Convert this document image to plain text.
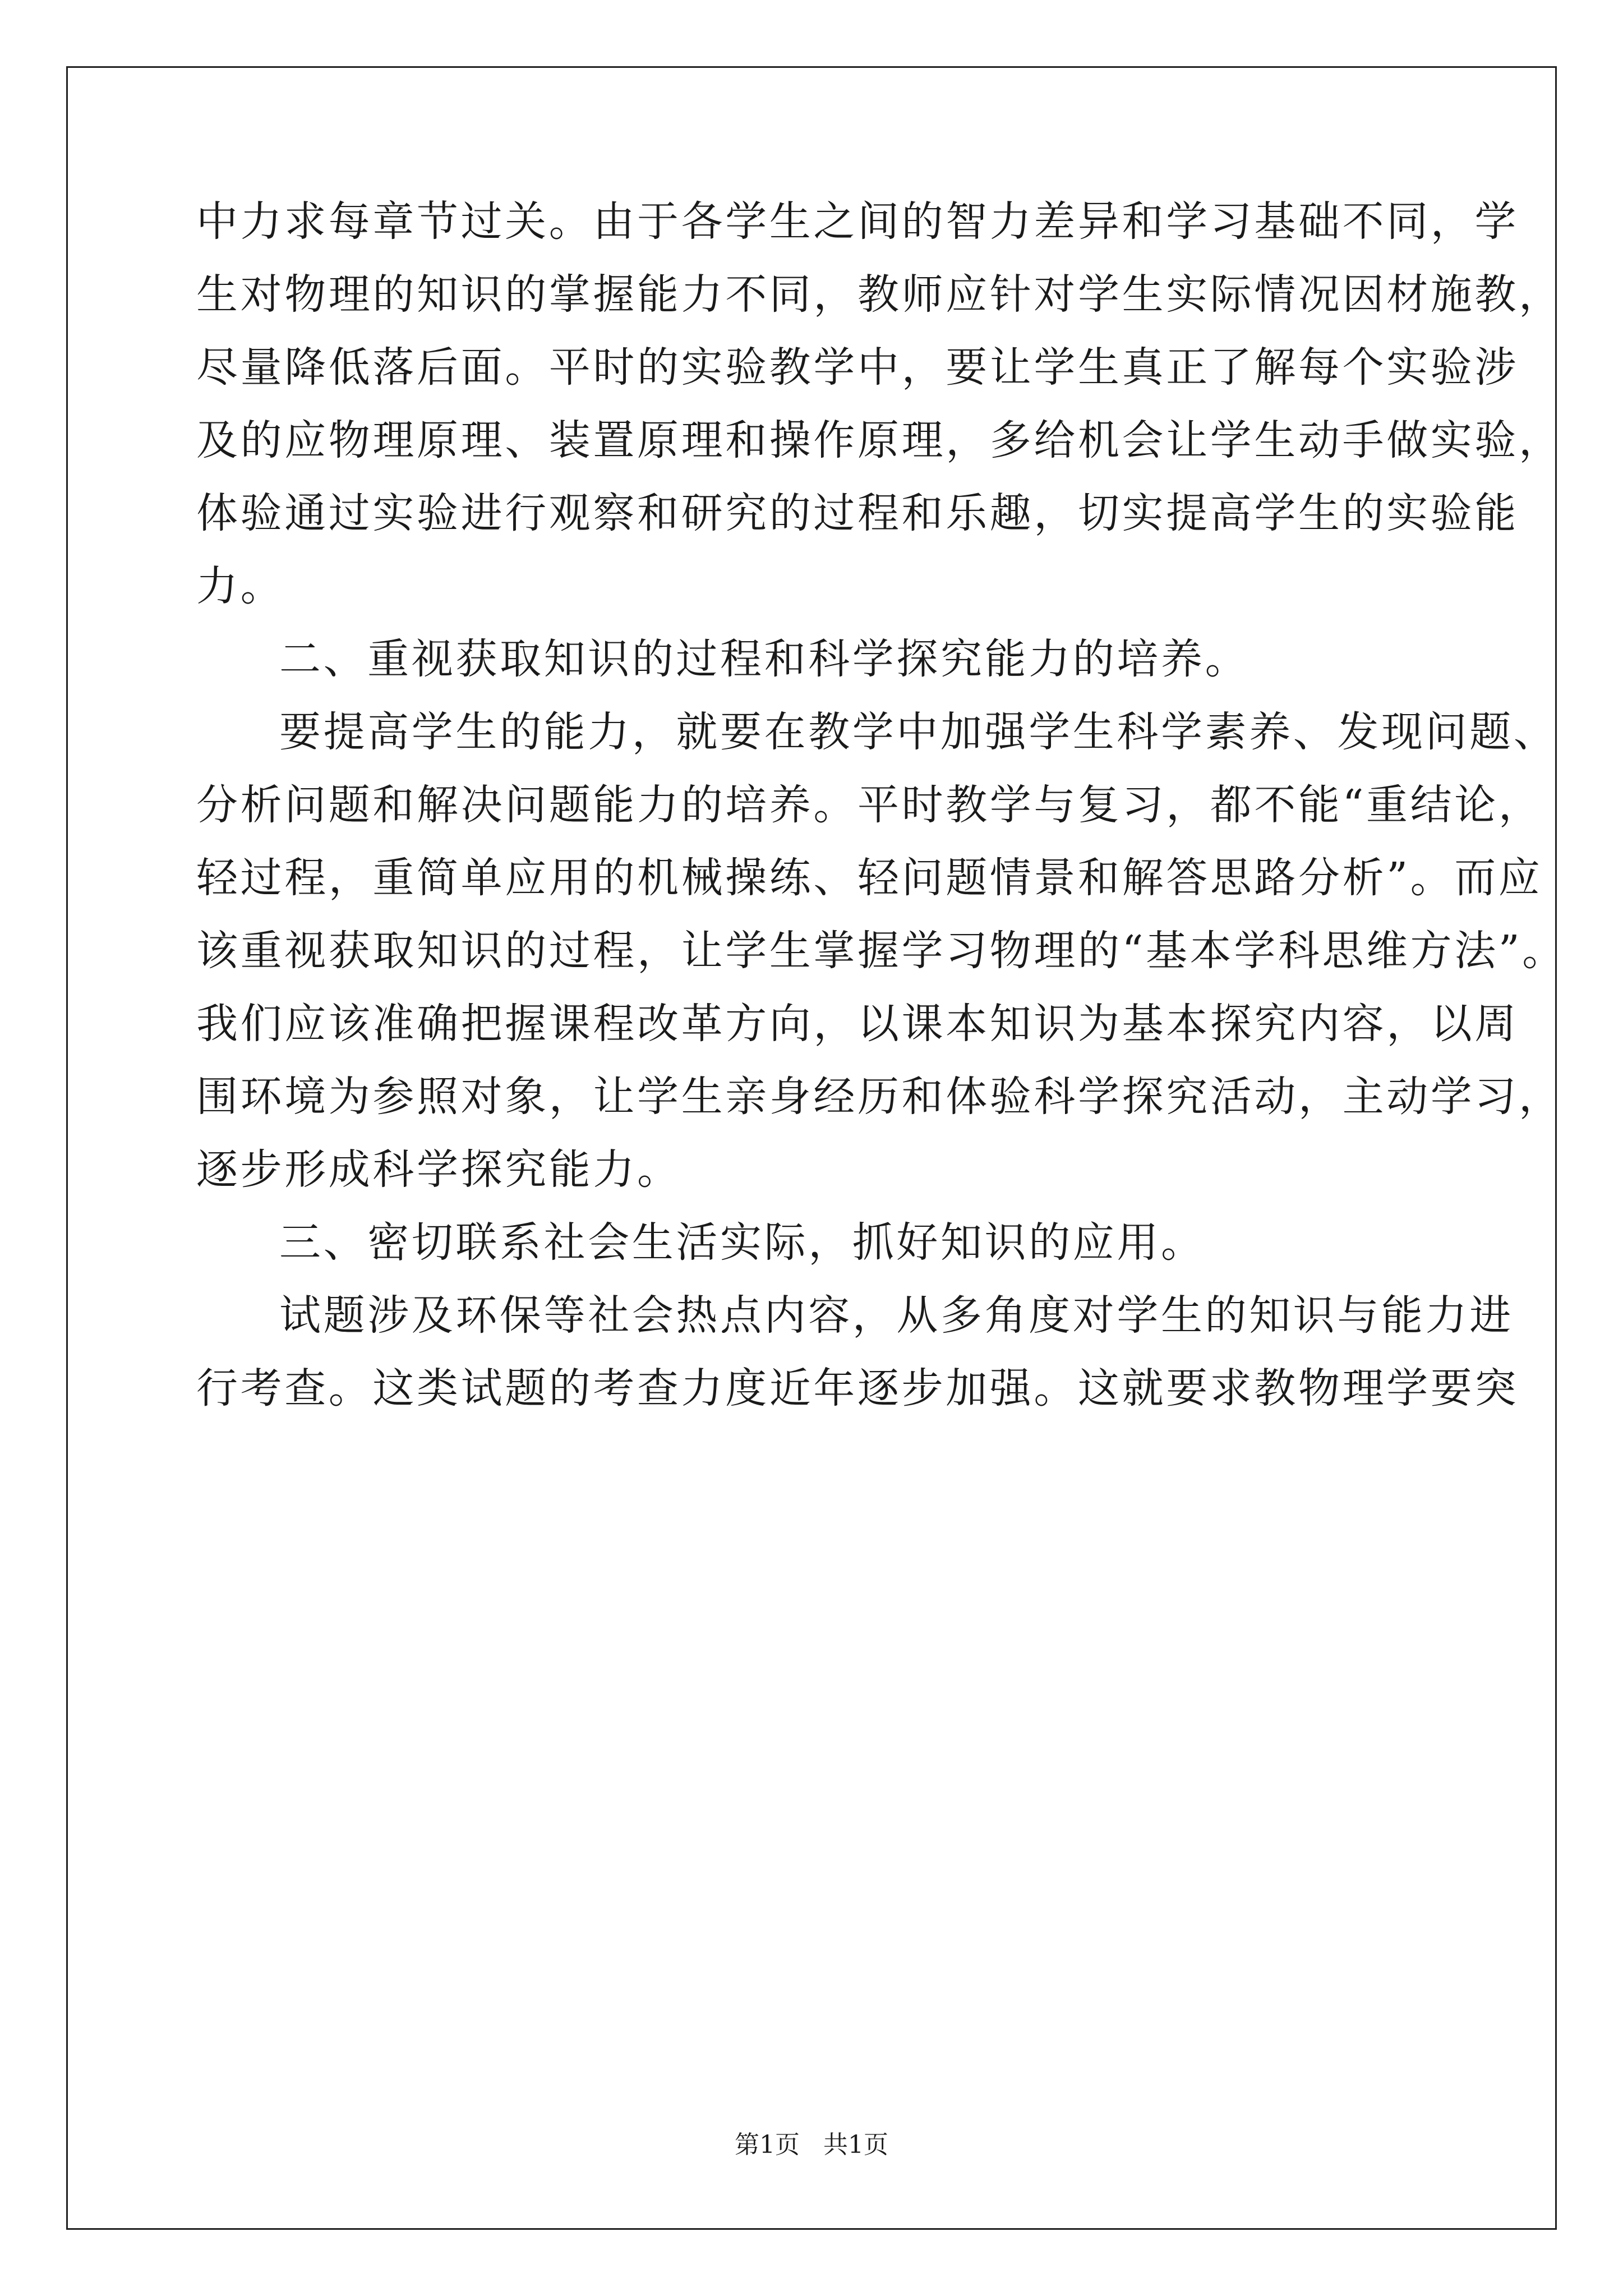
中力求每章节过关。由于各学生之间的智力差异和学习基础不同，学
生对物理的知识的掌握能力不同，教师应针对学生实际情况因材施教，
尽量降低落后面。平时的实验教学中，要让学生真正了解每个实验涉
及的应物理原理、装置原理和操作原理，多给机会让学生动手做实验，
体验通过实验进行观察和研究的过程和乐趣，切实提高学生的实验能
力。
二、重视获取知识的过程和科学探究能力的培养。
要提高学生的能力，就要在教学中加强学生科学素养、发现问题、
分析问题和解决问题能力的培养。平时教学与复习，都不能“重结论，
轻过程，重简单应用的机械操练、轻问题情景和解答思路分析”。而应
该重视获取知识的过程，让学生掌握学习物理的“基本学科思维方法”。
我们应该准确把握课程改革方向，以课本知识为基本探究内容，以周
围环境为参照对象，让学生亲身经历和体验科学探究活动，主动学习，
逐步形成科学探究能力。
三、密切联系社会生活实际，抓好知识的应用。
试题涉及环保等社会热点内容，从多角度对学生的知识与能力进
行考查。这类试题的考查力度近年逐步加强。这就要求教物理学要突
第1页   共1页
